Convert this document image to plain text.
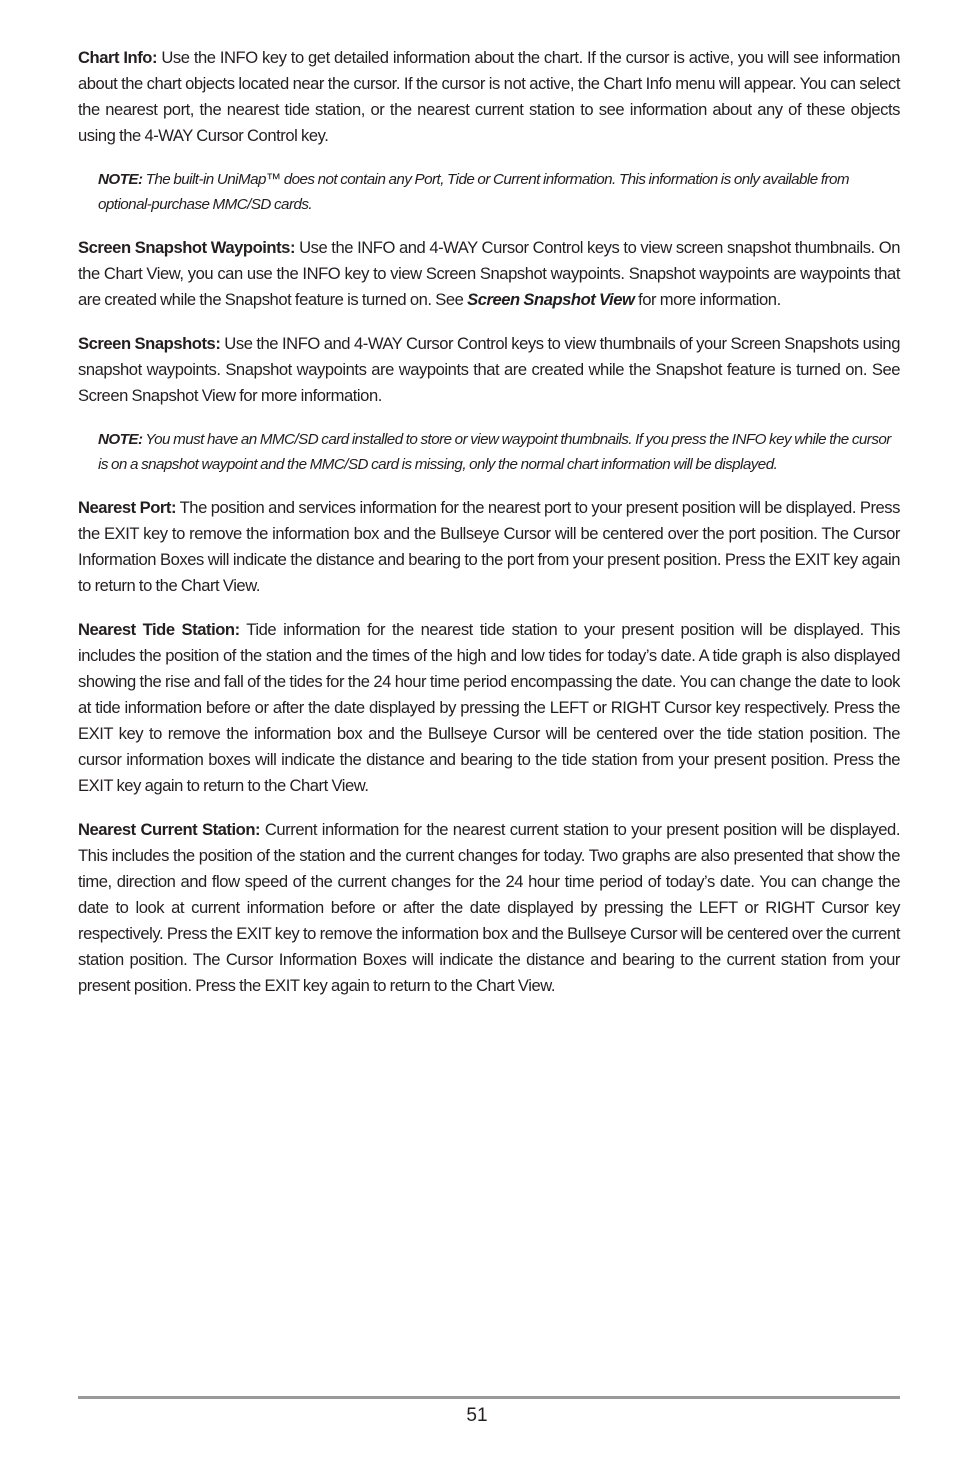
Chart Info: Use the INFO key to get detailed information about the chart. If the cursor is active, you will see information about the chart objects located near the cursor. If the cursor is not active, the Chart Info menu will appear. You can select the nearest port, the nearest tide station, or the nearest current station to see information about any of these objects using the 4-WAY Cursor Control key.

NOTE: The built-in UniMap™ does not contain any Port, Tide or Current information. This information is only available from optional-purchase MMC/SD cards.

Screen Snapshot Waypoints: Use the INFO and 4-WAY Cursor Control keys to view screen snapshot thumbnails. On the Chart View, you can use the INFO key to view Screen Snapshot waypoints. Snapshot waypoints are waypoints that are created while the Snapshot feature is turned on. See Screen Snapshot View for more information.

Screen Snapshots: Use the INFO and 4-WAY Cursor Control keys to view thumbnails of your Screen Snapshots using snapshot waypoints. Snapshot waypoints are waypoints that are created while the Snapshot feature is turned on. See Screen Snapshot View for more information.

NOTE: You must have an MMC/SD card installed to store or view waypoint thumbnails. If you press the INFO key while the cursor is on a snapshot waypoint and the MMC/SD card is missing, only the normal chart information will be displayed.

Nearest Port: The position and services information for the nearest port to your present position will be displayed. Press the EXIT key to remove the information box and the Bullseye Cursor will be centered over the port position. The Cursor Information Boxes will indicate the distance and bearing to the port from your present position. Press the EXIT key again to return to the Chart View.

Nearest Tide Station: Tide information for the nearest tide station to your present position will be displayed. This includes the position of the station and the times of the high and low tides for today’s date. A tide graph is also displayed showing the rise and fall of the tides for the 24 hour time period encompassing the date. You can change the date to look at tide information before or after the date displayed by pressing the LEFT or RIGHT Cursor key respectively. Press the EXIT key to remove the information box and the Bullseye Cursor will be centered over the tide station position. The cursor information boxes will indicate the distance and bearing to the tide station from your present position. Press the EXIT key again to return to the Chart View.

Nearest Current Station: Current information for the nearest current station to your present position will be displayed. This includes the position of the station and the current changes for today. Two graphs are also presented that show the time, direction and flow speed of the current changes for the 24 hour time period of today’s date. You can change the date to look at current information before or after the date displayed by pressing the LEFT or RIGHT Cursor key respectively. Press the EXIT key to remove the information box and the Bullseye Cursor will be centered over the current station position. The Cursor Information Boxes will indicate the distance and bearing to the current station from your present position. Press the EXIT key again to return to the Chart View.

51
